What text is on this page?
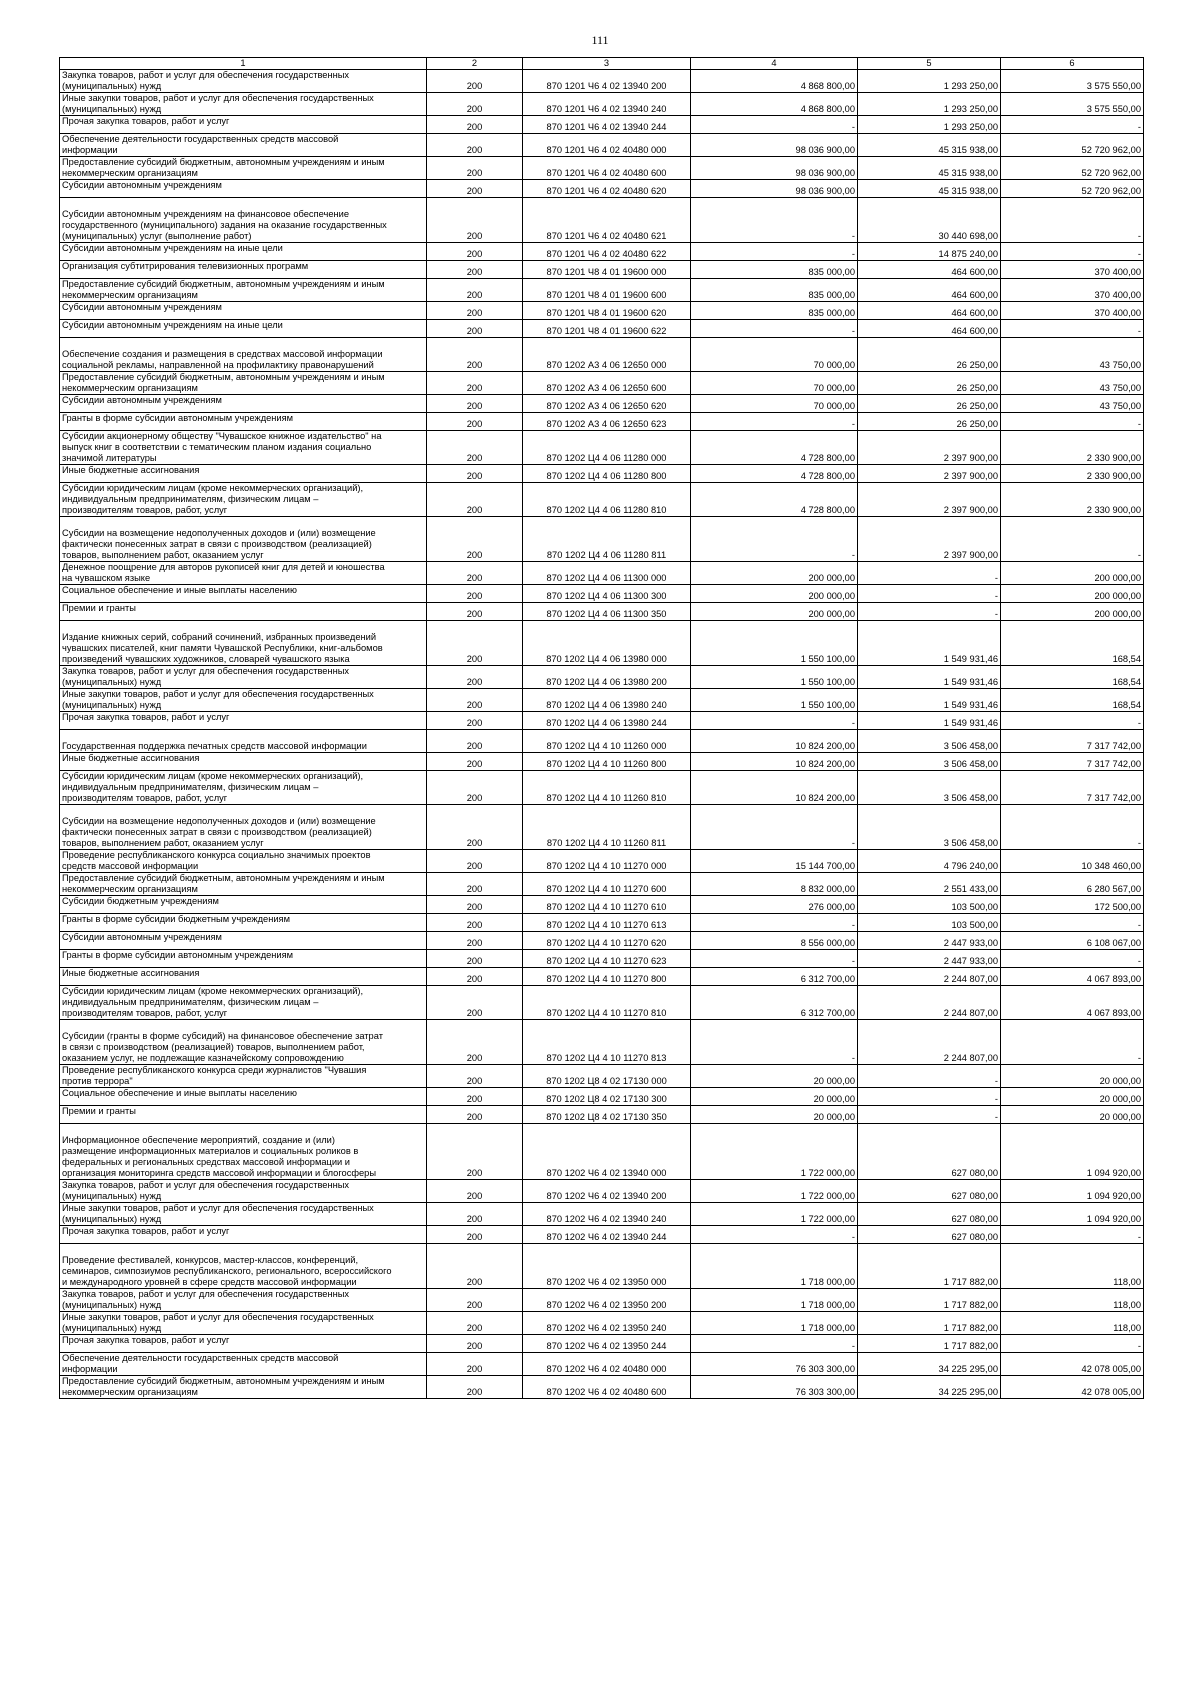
111
1	2	3	4	5	6
Закупка товаров, работ и услуг для обеспечения государственных
(муниципальных) нужд	200	870 1201 Ч6 4 02 13940 200	4 868 800,00	1 293 250,00	3 575 550,00
Иные закупки товаров, работ и услуг для обеспечения государственных
(муниципальных) нужд	200	870 1201 Ч6 4 02 13940 240	4 868 800,00	1 293 250,00	3 575 550,00
Прочая закупка товаров, работ и услуг	200	870 1201 Ч6 4 02 13940 244	-	1 293 250,00	-
Обеспечение деятельности государственных средств массовой
информации	200	870 1201 Ч6 4 02 40480 000	98 036 900,00	45 315 938,00	52 720 962,00
Предоставление субсидий бюджетным, автономным учреждениям и иным
некоммерческим организациям	200	870 1201 Ч6 4 02 40480 600	98 036 900,00	45 315 938,00	52 720 962,00
Субсидии автономным учреждениям	200	870 1201 Ч6 4 02 40480 620	98 036 900,00	45 315 938,00	52 720 962,00

Субсидии автономным учреждениям на финансовое обеспечение
государственного (муниципального) задания на оказание государственных
(муниципальных) услуг (выполнение работ)	200	870 1201 Ч6 4 02 40480 621	-	30 440 698,00	-
Субсидии автономным учреждениям на иные цели	200	870 1201 Ч6 4 02 40480 622	-	14 875 240,00	-
Организация субтитрирования телевизионных программ	200	870 1201 Ч8 4 01 19600 000	835 000,00	464 600,00	370 400,00
Предоставление субсидий бюджетным, автономным учреждениям и иным
некоммерческим организациям	200	870 1201 Ч8 4 01 19600 600	835 000,00	464 600,00	370 400,00
Субсидии автономным учреждениям	200	870 1201 Ч8 4 01 19600 620	835 000,00	464 600,00	370 400,00
Субсидии автономным учреждениям на иные цели	200	870 1201 Ч8 4 01 19600 622	-	464 600,00	-

Обеспечение создания и размещения в средствах массовой информации
социальной рекламы, направленной на профилактику правонарушений	200	870 1202 А3 4 06 12650 000	70 000,00	26 250,00	43 750,00
Предоставление субсидий бюджетным, автономным учреждениям и иным
некоммерческим организациям	200	870 1202 А3 4 06 12650 600	70 000,00	26 250,00	43 750,00
Субсидии автономным учреждениям	200	870 1202 А3 4 06 12650 620	70 000,00	26 250,00	43 750,00
Гранты в форме субсидии автономным учреждениям	200	870 1202 А3 4 06 12650 623	-	26 250,00	-
Субсидии акционерному обществу "Чувашское книжное издательство" на
выпуск книг в соответствии с тематическим планом издания социально
значимой литературы	200	870 1202 Ц4 4 06 11280 000	4 728 800,00	2 397 900,00	2 330 900,00
Иные бюджетные ассигнования	200	870 1202 Ц4 4 06 11280 800	4 728 800,00	2 397 900,00	2 330 900,00
Субсидии юридическим лицам (кроме некоммерческих организаций),
индивидуальным предпринимателям, физическим лицам –
производителям товаров, работ, услуг	200	870 1202 Ц4 4 06 11280 810	4 728 800,00	2 397 900,00	2 330 900,00

Субсидии на возмещение недополученных доходов и (или) возмещение
фактически понесенных затрат в связи с производством (реализацией)
товаров, выполнением работ, оказанием услуг	200	870 1202 Ц4 4 06 11280 811	-	2 397 900,00	-
Денежное поощрение для авторов рукописей книг для детей и юношества
на чувашском языке	200	870 1202 Ц4 4 06 11300 000	200 000,00	-	200 000,00
Социальное обеспечение и иные выплаты населению	200	870 1202 Ц4 4 06 11300 300	200 000,00	-	200 000,00
Премии и гранты	200	870 1202 Ц4 4 06 11300 350	200 000,00	-	200 000,00

Издание книжных серий, собраний сочинений, избранных произведений
чувашских писателей, книг памяти Чувашской Республики, книг-альбомов
произведений чувашских художников, словарей чувашского языка	200	870 1202 Ц4 4 06 13980 000	1 550 100,00	1 549 931,46	168,54
Закупка товаров, работ и услуг для обеспечения государственных
(муниципальных) нужд	200	870 1202 Ц4 4 06 13980 200	1 550 100,00	1 549 931,46	168,54
Иные закупки товаров, работ и услуг для обеспечения государственных
(муниципальных) нужд	200	870 1202 Ц4 4 06 13980 240	1 550 100,00	1 549 931,46	168,54
Прочая закупка товаров, работ и услуг	200	870 1202 Ц4 4 06 13980 244	-	1 549 931,46	-

Государственная поддержка печатных средств массовой информации	200	870 1202 Ц4 4 10 11260 000	10 824 200,00	3 506 458,00	7 317 742,00
Иные бюджетные ассигнования	200	870 1202 Ц4 4 10 11260 800	10 824 200,00	3 506 458,00	7 317 742,00
Субсидии юридическим лицам (кроме некоммерческих организаций),
индивидуальным предпринимателям, физическим лицам –
производителям товаров, работ, услуг	200	870 1202 Ц4 4 10 11260 810	10 824 200,00	3 506 458,00	7 317 742,00

Субсидии на возмещение недополученных доходов и (или) возмещение
фактически понесенных затрат в связи с производством (реализацией)
товаров, выполнением работ, оказанием услуг	200	870 1202 Ц4 4 10 11260 811	-	3 506 458,00	-
Проведение республиканского конкурса социально значимых проектов
средств массовой информации	200	870 1202 Ц4 4 10 11270 000	15 144 700,00	4 796 240,00	10 348 460,00
Предоставление субсидий бюджетным, автономным учреждениям и иным
некоммерческим организациям	200	870 1202 Ц4 4 10 11270 600	8 832 000,00	2 551 433,00	6 280 567,00
Субсидии бюджетным учреждениям	200	870 1202 Ц4 4 10 11270 610	276 000,00	103 500,00	172 500,00
Гранты в форме субсидии бюджетным учреждениям	200	870 1202 Ц4 4 10 11270 613	-	103 500,00	-
Субсидии автономным учреждениям	200	870 1202 Ц4 4 10 11270 620	8 556 000,00	2 447 933,00	6 108 067,00
Гранты в форме субсидии автономным учреждениям	200	870 1202 Ц4 4 10 11270 623	-	2 447 933,00	-
Иные бюджетные ассигнования	200	870 1202 Ц4 4 10 11270 800	6 312 700,00	2 244 807,00	4 067 893,00
Субсидии юридическим лицам (кроме некоммерческих организаций),
индивидуальным предпринимателям, физическим лицам –
производителям товаров, работ, услуг	200	870 1202 Ц4 4 10 11270 810	6 312 700,00	2 244 807,00	4 067 893,00

Субсидии (гранты в форме субсидий) на финансовое обеспечение затрат
в связи с производством (реализацией) товаров, выполнением работ,
оказанием услуг, не подлежащие казначейскому сопровождению	200	870 1202 Ц4 4 10 11270 813	-	2 244 807,00	-
Проведение республиканского конкурса среди журналистов "Чувашия
против террора"	200	870 1202 Ц8 4 02 17130 000	20 000,00	-	20 000,00
Социальное обеспечение и иные выплаты населению	200	870 1202 Ц8 4 02 17130 300	20 000,00	-	20 000,00
Премии и гранты	200	870 1202 Ц8 4 02 17130 350	20 000,00	-	20 000,00

Информационное обеспечение мероприятий, создание и (или)
размещение информационных материалов и социальных роликов в
федеральных и региональных средствах массовой информации и
организация мониторинга средств массовой информации и блогосферы	200	870 1202 Ч6 4 02 13940 000	1 722 000,00	627 080,00	1 094 920,00
Закупка товаров, работ и услуг для обеспечения государственных
(муниципальных) нужд	200	870 1202 Ч6 4 02 13940 200	1 722 000,00	627 080,00	1 094 920,00
Иные закупки товаров, работ и услуг для обеспечения государственных
(муниципальных) нужд	200	870 1202 Ч6 4 02 13940 240	1 722 000,00	627 080,00	1 094 920,00
Прочая закупка товаров, работ и услуг	200	870 1202 Ч6 4 02 13940 244	-	627 080,00	-

Проведение фестивалей, конкурсов, мастер-классов, конференций,
семинаров, симпозиумов республиканского, регионального, всероссийского
и международного уровней в сфере средств массовой информации	200	870 1202 Ч6 4 02 13950 000	1 718 000,00	1 717 882,00	118,00
Закупка товаров, работ и услуг для обеспечения государственных
(муниципальных) нужд	200	870 1202 Ч6 4 02 13950 200	1 718 000,00	1 717 882,00	118,00
Иные закупки товаров, работ и услуг для обеспечения государственных
(муниципальных) нужд	200	870 1202 Ч6 4 02 13950 240	1 718 000,00	1 717 882,00	118,00
Прочая закупка товаров, работ и услуг	200	870 1202 Ч6 4 02 13950 244	-	1 717 882,00	-
Обеспечение деятельности государственных средств массовой
информации	200	870 1202 Ч6 4 02 40480 000	76 303 300,00	34 225 295,00	42 078 005,00
Предоставление субсидий бюджетным, автономным учреждениям и иным
некоммерческим организациям	200	870 1202 Ч6 4 02 40480 600	76 303 300,00	34 225 295,00	42 078 005,00
